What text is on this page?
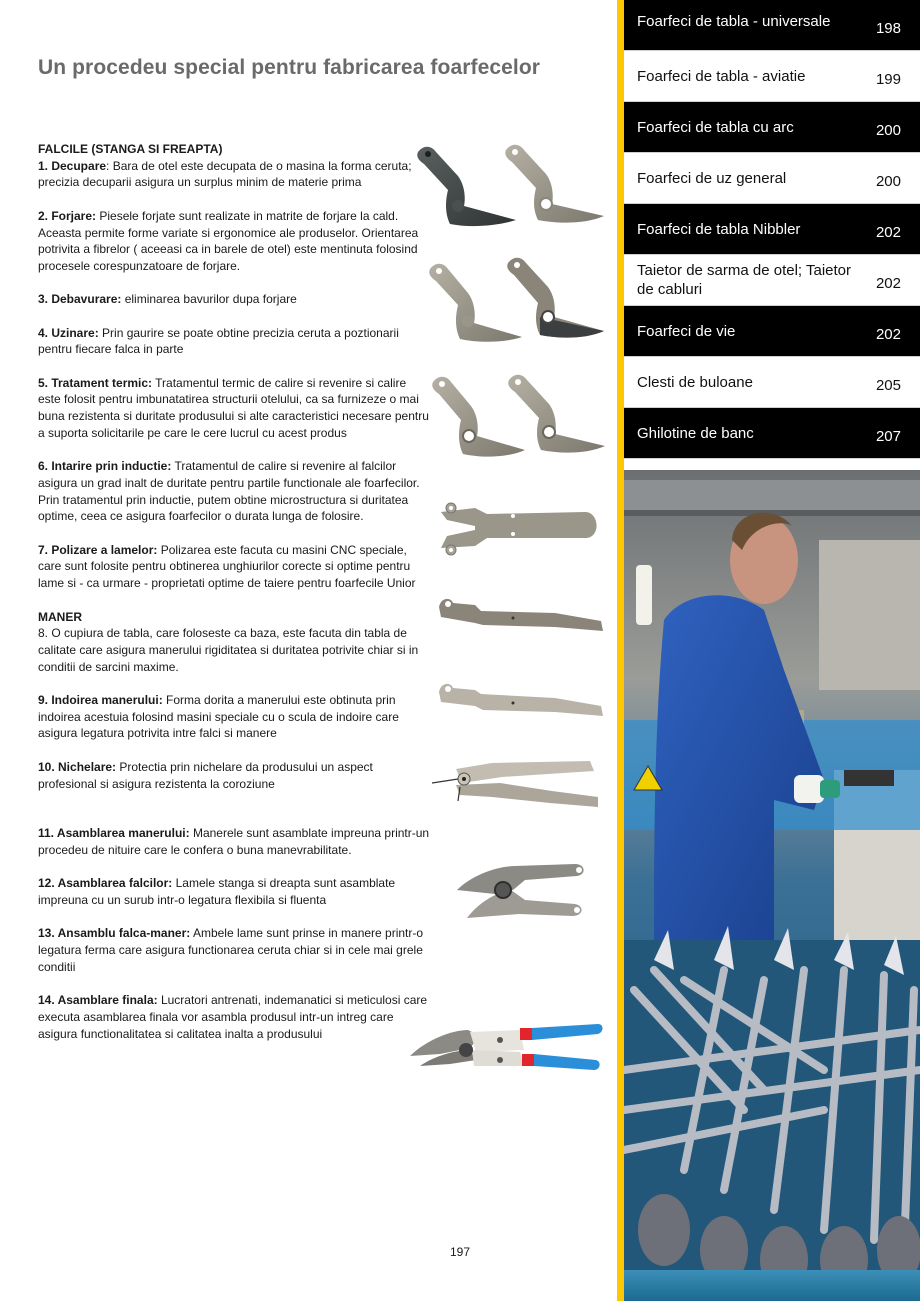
Un procedeu special pentru fabricarea foarfecelor
FALCILE (STANGA SI FREAPTA)

1. Decupare: Bara de otel este decupata de o masina la forma ceruta; precizia decuparii asigura un surplus minim de materie prima

2. Forjare: Piesele forjate sunt realizate in matrite de forjare la cald. Aceasta permite forme variate si ergonomice ale produselor. Orientarea potrivita a fibrelor ( aceeasi ca in barele de otel) este mentinuta folosind procesele corespunzatoare de forjare.

3. Debavurare: eliminarea bavurilor dupa forjare

4. Uzinare: Prin gaurire se poate obtine precizia ceruta a poztionarii pentru fiecare falca in parte

5. Tratament termic: Tratamentul termic de calire si revenire si calire este folosit pentru imbunatatirea structurii otelului, ca sa furnizeze o mai buna rezistenta si duritate produsului si alte caracteristici necesare pentru a suporta solicitarile pe care le cere lucrul cu acest produs

6. Intarire prin inductie: Tratamentul de calire si revenire al falcilor asigura un grad inalt de duritate pentru partile functionale ale foarfecilor. Prin tratamentul prin inductie, putem obtine microstructura si duritatea optime, ceea ce asigura foarfecilor o durata lunga de folosire.

7. Polizare a lamelor: Polizarea este facuta cu masini CNC speciale, care sunt folosite pentru obtinerea unghiurilor corecte si optime pentru lame si - ca urmare - proprietati optime de taiere pentru foarfecile Unior

MANER

8. O cupiura de tabla, care foloseste ca baza, este facuta din tabla de calitate care asigura manerului rigiditatea si duritatea potrivite chiar si in conditii de sarcini maxime.

9. Indoirea manerului: Forma dorita a manerului este obtinuta prin indoirea acestuia folosind masini speciale cu o scula de indoire care asigura legatura potrivita intre falci si manere

10. Nichelare: Protectia prin nichelare da produsului un aspect profesional si asigura rezistenta la coroziune

11. Asamblarea manerului: Manerele sunt asamblate impreuna printr-un procedeu de nituire care le confera o buna manevrabilitate.

12. Asamblarea falcilor: Lamele stanga si dreapta sunt asamblate impreuna cu un surub intr-o legatura flexibila si fluenta

13. Ansamblu falca-maner: Ambele lame sunt prinse in manere printr-o legatura ferma care asigura functionarea ceruta chiar si in cele mai grele conditii

14. Asamblare finala: Lucratori antrenati, indemanatici si meticulosi care executa asamblarea finala vor asambla produsul intr-un intreg care asigura functionalitatea si calitatea inalta a produsului

197
Foarfeci de tabla - universale	198
Foarfeci de tabla - aviatie	199
Foarfeci de tabla cu arc	200
Foarfeci de uz general	200
Foarfeci de tabla Nibbler	202
Taietor de sarma de otel; Taietor de cabluri	202
Foarfeci de vie	202
Clesti de buloane	205
Ghilotine de banc	207
